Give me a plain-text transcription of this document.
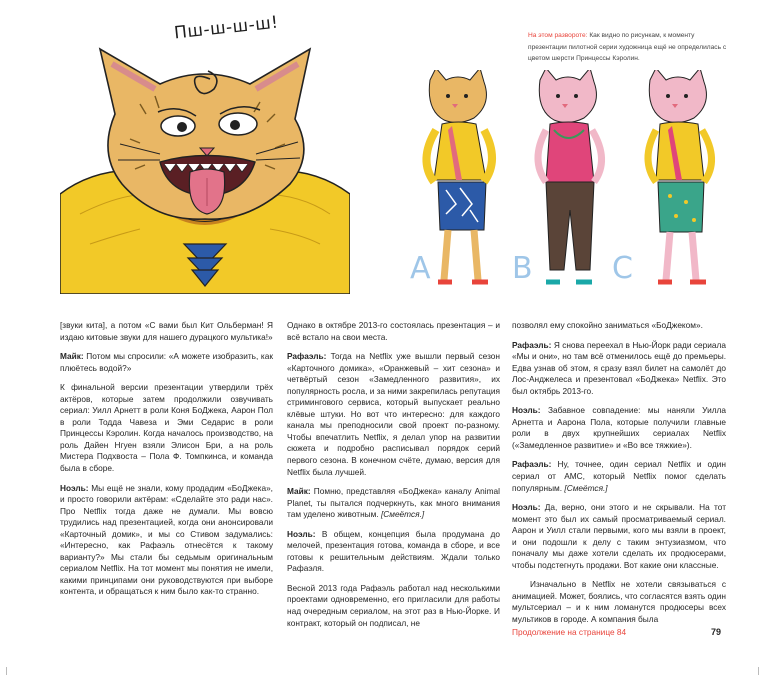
Пш-ш-ш-ш!	На этом развороте: Как видно по рисункам, к моменту презентации пилотной серии художница ещё не определилась с цветом шерсти Принцессы Кэролин.
A	B	C

[звуки кита], а потом «С вами был Кит Ольберман! Я издаю китовые звуки для нашего дурацкого мультика!»

Майк: Потом мы спросили: «А можете изобразить, как плюётесь водой?»

К финальной версии презентации утвердили трёх актёров, которые затем продолжили озвучивать сериал: Уилл Арнетт в роли Коня БоДжека, Аарон Пол в роли Тодда Чавеза и Эми Седарис в роли Принцессы Кэролин. Когда началось производство, на роль Дайен Нгуен взяли Элисон Бри, а на роль Мистера Подхвоста – Пола Ф. Томпкинса, и команда была в сборе.

Ноэль: Мы ещё не знали, кому продадим «БоДжека», и просто говорили актёрам: «Сделайте это ради нас». Про Netflix тогда даже не думали. Мы вовсю трудились над презентацией, когда они анонсировали «Карточный домик», и мы со Стивом задумались: «Интересно, как Рафаэль отнесётся к такому варианту?» Мы стали бы седьмым оригинальным сериалом Netflix. На тот момент мы понятия не имели, какими принципами они руководствуются при выборе контента, и обращаться к ним было как-то странно.

Однако в октябре 2013-го состоялась презентация – и всё встало на свои места.

Рафаэль: Тогда на Netflix уже вышли первый сезон «Карточного домика», «Оранжевый – хит сезона» и четвёртый сезон «Замедленного развития», их популярность росла, и за ними закрепилась репутация стримингового сервиса, который выпускает реально клёвые штуки. Но вот что интересно: для каждого канала мы преподносили свой проект по-разному. Чтобы впечатлить Netflix, я делал упор на развитии сюжета и подробно расписывал порядок серий первого сезона. В конечном счёте, думаю, версия для Netflix была лучшей.

Майк: Помню, представляя «БоДжека» каналу Animal Planet, ты пытался подчеркнуть, как много внимания там уделено животным. [Смеётся.]

Ноэль: В общем, концепция была продумана до мелочей, презентация готова, команда в сборе, и все готовы к решительным действиям. Ждали только Рафаэля.

Весной 2013 года Рафаэль работал над несколькими проектами одновременно, его пригласили для работы над очередным сериалом, на этот раз в Нью-Йорке. И контракт, который он подписал, не

позволял ему спокойно заниматься «БоДжеком».

Рафаэль: Я снова переехал в Нью-Йорк ради сериала «Мы и они», но там всё отменилось ещё до премьеры. Едва узнав об этом, я сразу взял билет на самолёт до Лос-Анджелеса и презентовал «БоДжека» Netflix. Это был октябрь 2013-го.

Ноэль: Забавное совпадение: мы наняли Уилла Арнетта и Аарона Пола, которые получили главные роли в двух крупнейших сериалах Netflix («Замедленное развитие» и «Во все тяжкие»).

Рафаэль: Ну, точнее, один сериал Netflix и один сериал от AMC, который Netflix помог сделать популярным. [Смеётся.]

Ноэль: Да, верно, они этого и не скрывали. На тот момент это был их самый просматриваемый сериал. Аарон и Уилл стали первыми, кого мы взяли в проект, и они подошли к делу с таким энтузиазмом, что поначалу мы даже хотели сделать их продюсерами, чтобы подстегнуть продажи. Вот какие они классные.

Изначально в Netflix не хотели связываться с анимацией. Может, боялись, что согласятся взять один мультсериал – и к ним ломанутся продюсеры всех мультиков в городе. А компания была

Продолжение на странице 84	79
